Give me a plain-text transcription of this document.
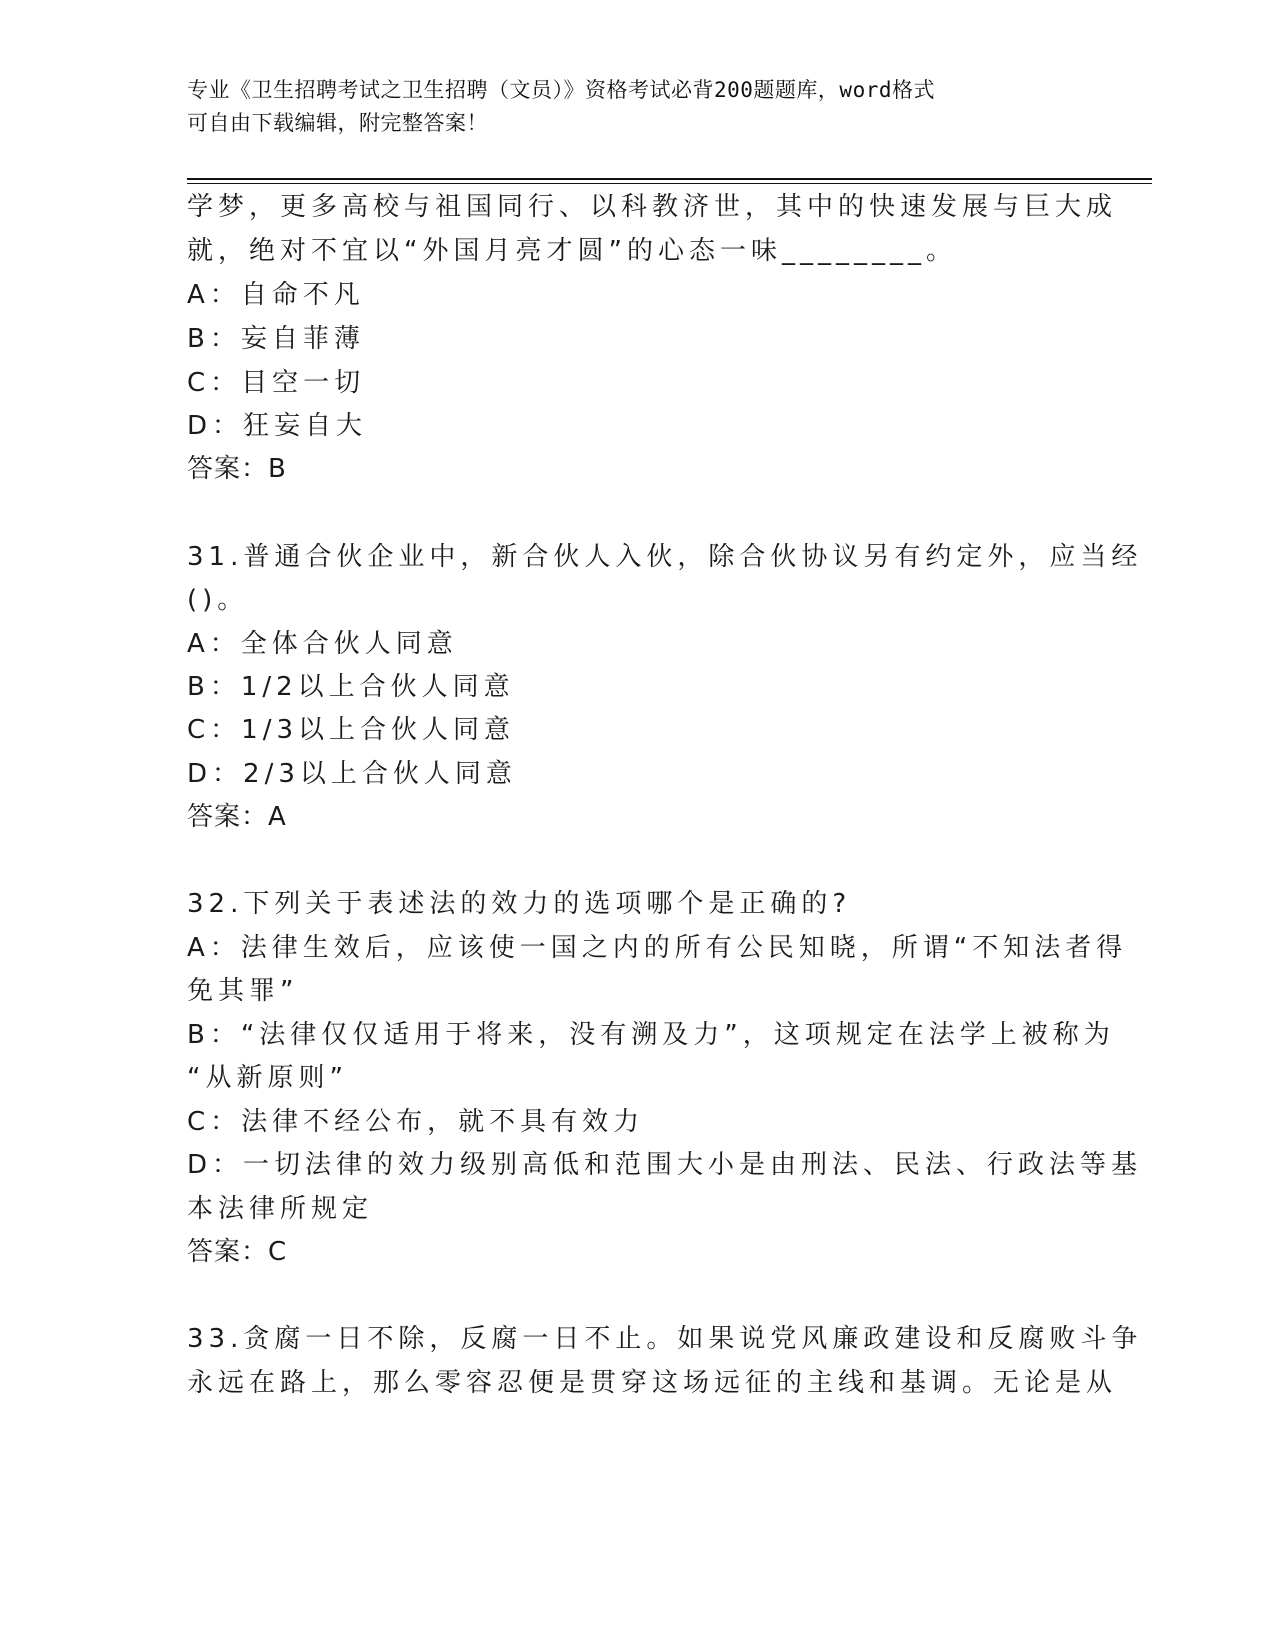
专业《卫生招聘考试之卫生招聘（文员）》资格考试必背200题题库，word格式
可自由下载编辑，附完整答案！
学梦，更多高校与祖国同行、以科教济世，其中的快速发展与巨大成
就，绝对不宜以“外国月亮才圆”的心态一味________。
A：自命不凡
B：妄自菲薄
C：目空一切
D：狂妄自大
答案：B
31.普通合伙企业中，新合伙人入伙，除合伙协议另有约定外，应当经
()。
A：全体合伙人同意
B：1/2以上合伙人同意
C：1/3以上合伙人同意
D：2/3以上合伙人同意
答案：A
32.下列关于表述法的效力的选项哪个是正确的?
A：法律生效后，应该使一国之内的所有公民知晓，所谓“不知法者得
免其罪”
B：“法律仅仅适用于将来，没有溯及力”，这项规定在法学上被称为
“从新原则”
C：法律不经公布，就不具有效力
D：一切法律的效力级别高低和范围大小是由刑法、民法、行政法等基
本法律所规定
答案：C
33.贪腐一日不除，反腐一日不止。如果说党风廉政建设和反腐败斗争
永远在路上，那么零容忍便是贯穿这场远征的主线和基调。无论是从
